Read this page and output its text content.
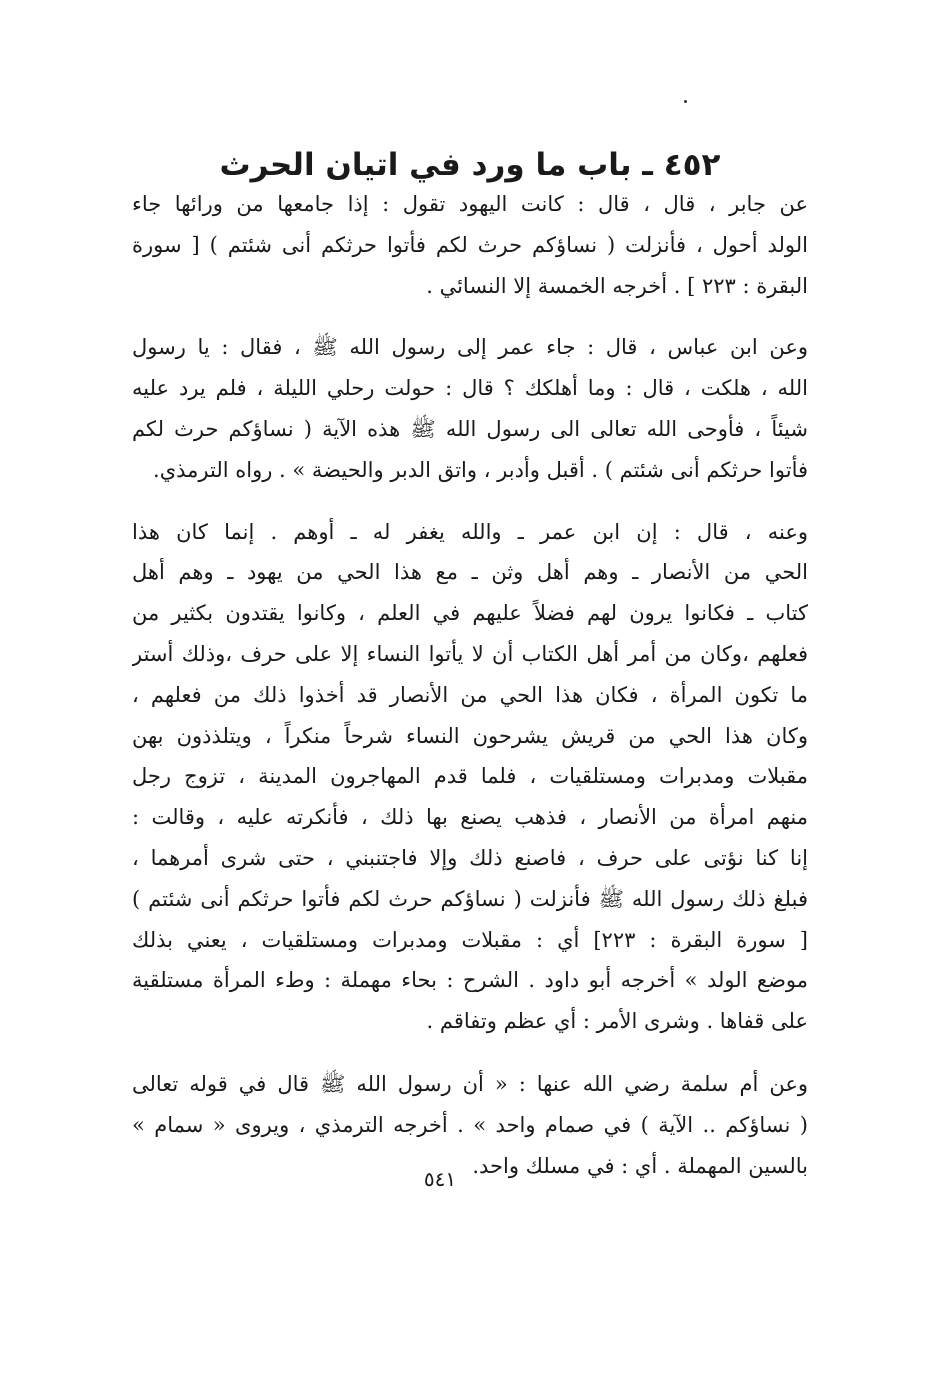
٤٥٢ ـ باب ما ورد في اتيان الحرث
عن جابر ، قال ، قال : كانت اليهود تقول : إذا جامعها من ورائها جاء
الولد أحول ، فأنزلت ( نساؤكم حرث لكم فأتوا حرثكم أنى شئتم ) [ سورة
البقرة : ٢٢٣ ] . أخرجه الخمسة إلا النسائي .
وعن ابن عباس ، قال : جاء عمر إلى رسول الله ﷺ ، فقال : يا رسول
الله ، هلكت ، قال : وما أهلكك ؟ قال : حولت رحلي الليلة ، فلم يرد عليه
شيئاً ، فأوحى الله تعالى الى رسول الله ﷺ هذه الآية ( نساؤكم حرث لكم
فأتوا حرثكم أنى شئتم ) . أقبل وأدبر ، واتق الدبر والحيضة » . رواه الترمذي.
وعنه ، قال : إن ابن عمر ـ والله يغفر له ـ أوهم . إنما كان هذا
الحي من الأنصار ـ وهم أهل وثن ـ مع هذا الحي من يهود ـ وهم أهل
كتاب ـ فكانوا يرون لهم فضلاً عليهم في العلم ، وكانوا يقتدون بكثير من
فعلهم ،وكان من أمر أهل الكتاب أن لا يأتوا النساء إلا على حرف ،وذلك أستر
ما تكون المرأة ، فكان هذا الحي من الأنصار قد أخذوا ذلك من فعلهم ،
وكان هذا الحي من قريش يشرحون النساء شرحاً منكراً ، ويتلذذون بهن
مقبلات ومدبرات ومستلقيات ، فلما قدم المهاجرون المدينة ، تزوج رجل
منهم امرأة من الأنصار ، فذهب يصنع بها ذلك ، فأنكرته عليه ، وقالت :
إنا كنا نؤتى على حرف ، فاصنع ذلك وإلا فاجتنبني ، حتى شرى أمرهما ،
فبلغ ذلك رسول الله ﷺ فأنزلت ( نساؤكم حرث لكم فأتوا حرثكم أنى شئتم )
[ سورة البقرة : ٢٢٣] أي : مقبلات ومدبرات ومستلقيات ، يعني بذلك
موضع الولد » أخرجه أبو داود . الشرح : بحاء مهملة : وطء المرأة مستلقية
على قفاها . وشرى الأمر : أي عظم وتفاقم .
وعن أم سلمة رضي الله عنها : « أن رسول الله ﷺ قال في قوله تعالى
( نساؤكم .. الآية ) في صمام واحد » . أخرجه الترمذي ، ويروى « سمام »
بالسين المهملة . أي : في مسلك واحد.
٥٤١
